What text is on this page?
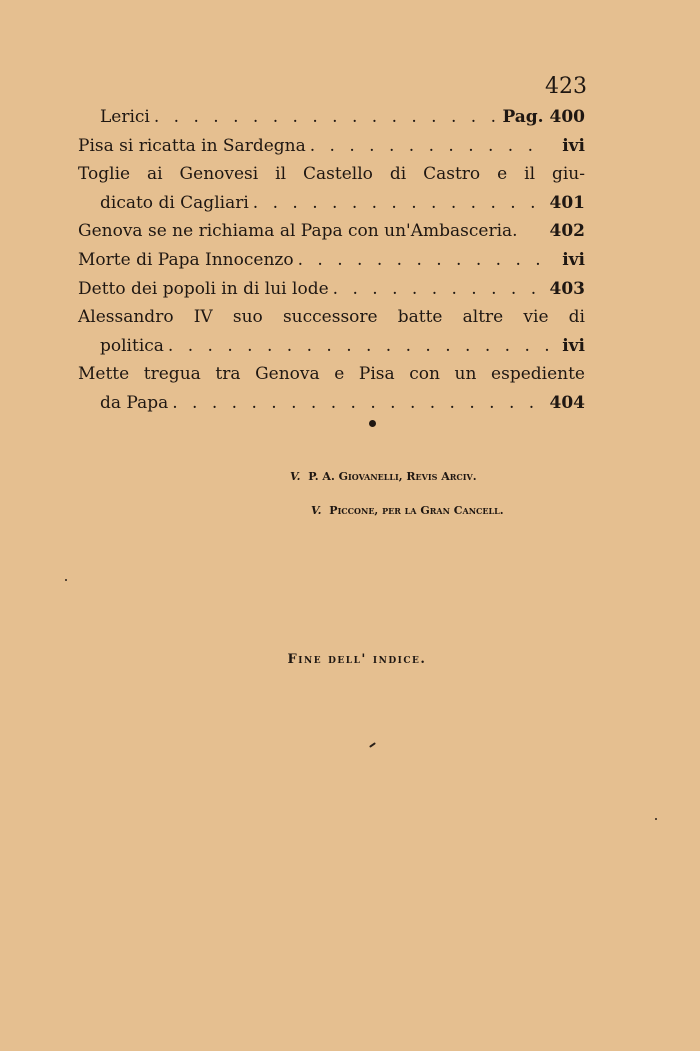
423
Lerici . . .	Pag. 400
Pisa si ricatta in Sardegna . . .	ivi
Toglie ai Genovesi il Castello di Castro e il giu-
dicato di Cagliari . . .	401
Genova se ne richiama al Papa con un'Ambasceria. 402
Morte di Papa Innocenzo . . .	ivi
Detto dei popoli in di lui lode . . .	403
Alessandro IV suo successore batte altre vie di
politica . . .	ivi
Mette tregua tra Genova e Pisa con un espediente
da Papa . . .	404
V. P. A. Giovanelli, Revis Arciv.
V. Piccone, per la Gran Cancell.
Fine dell' indice.
